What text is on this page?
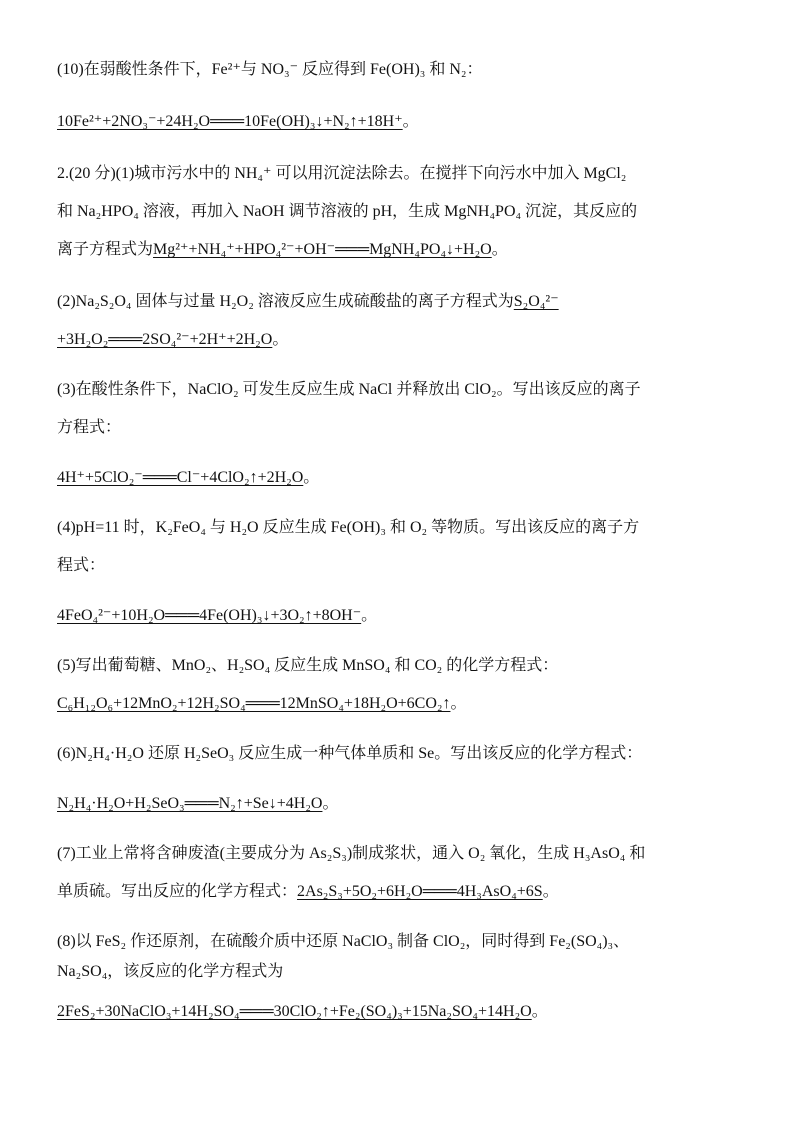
(10)在弱酸性条件下，Fe²⁺与 NO₃⁻ 反应得到 Fe(OH)₃ 和 N₂：
10Fe²⁺+2NO₃⁻+24H₂O═══10Fe(OH)₃↓+N₂↑+18H⁺。
2.(20 分)(1)城市污水中的 NH₄⁺ 可以用沉淀法除去。在搅拌下向污水中加入 MgCl₂
和 Na₂HPO₄ 溶液，再加入 NaOH 调节溶液的 pH，生成 MgNH₄PO₄ 沉淀，其反应的
离子方程式为Mg²⁺+NH₄⁺+HPO₄²⁻+OH⁻═══MgNH₄PO₄↓+H₂O。
(2)Na₂S₂O₄ 固体与过量 H₂O₂ 溶液反应生成硫酸盐的离子方程式为S₂O₄²⁻
+3H₂O₂═══2SO₄²⁻+2H⁺+2H₂O。
(3)在酸性条件下，NaClO₂ 可发生反应生成 NaCl 并释放出 ClO₂。写出该反应的离子
方程式：
4H⁺+5ClO₂⁻═══Cl⁻+4ClO₂↑+2H₂O。
(4)pH=11 时，K₂FeO₄ 与 H₂O 反应生成 Fe(OH)₃ 和 O₂ 等物质。写出该反应的离子方
程式：
4FeO₄²⁻+10H₂O═══4Fe(OH)₃↓+3O₂↑+8OH⁻。
(5)写出葡萄糖、MnO₂、H₂SO₄ 反应生成 MnSO₄ 和 CO₂ 的化学方程式：
C₆H₁₂O₆+12MnO₂+12H₂SO₄═══12MnSO₄+18H₂O+6CO₂↑。
(6)N₂H₄·H₂O 还原 H₂SeO₃ 反应生成一种气体单质和 Se。写出该反应的化学方程式：
N₂H₄·H₂O+H₂SeO₃═══N₂↑+Se↓+4H₂O。
(7)工业上常将含砷废渣(主要成分为 As₂S₃)制成浆状，通入 O₂ 氧化，生成 H₃AsO₄ 和
单质硫。写出反应的化学方程式：2As₂S₃+5O₂+6H₂O═══4H₃AsO₄+6S。
(8)以 FeS₂ 作还原剂，在硫酸介质中还原 NaClO₃ 制备 ClO₂，同时得到 Fe₂(SO₄)₃、
Na₂SO₄，该反应的化学方程式为
2FeS₂+30NaClO₃+14H₂SO₄═══30ClO₂↑+Fe₂(SO₄)₃+15Na₂SO₄+14H₂O。
